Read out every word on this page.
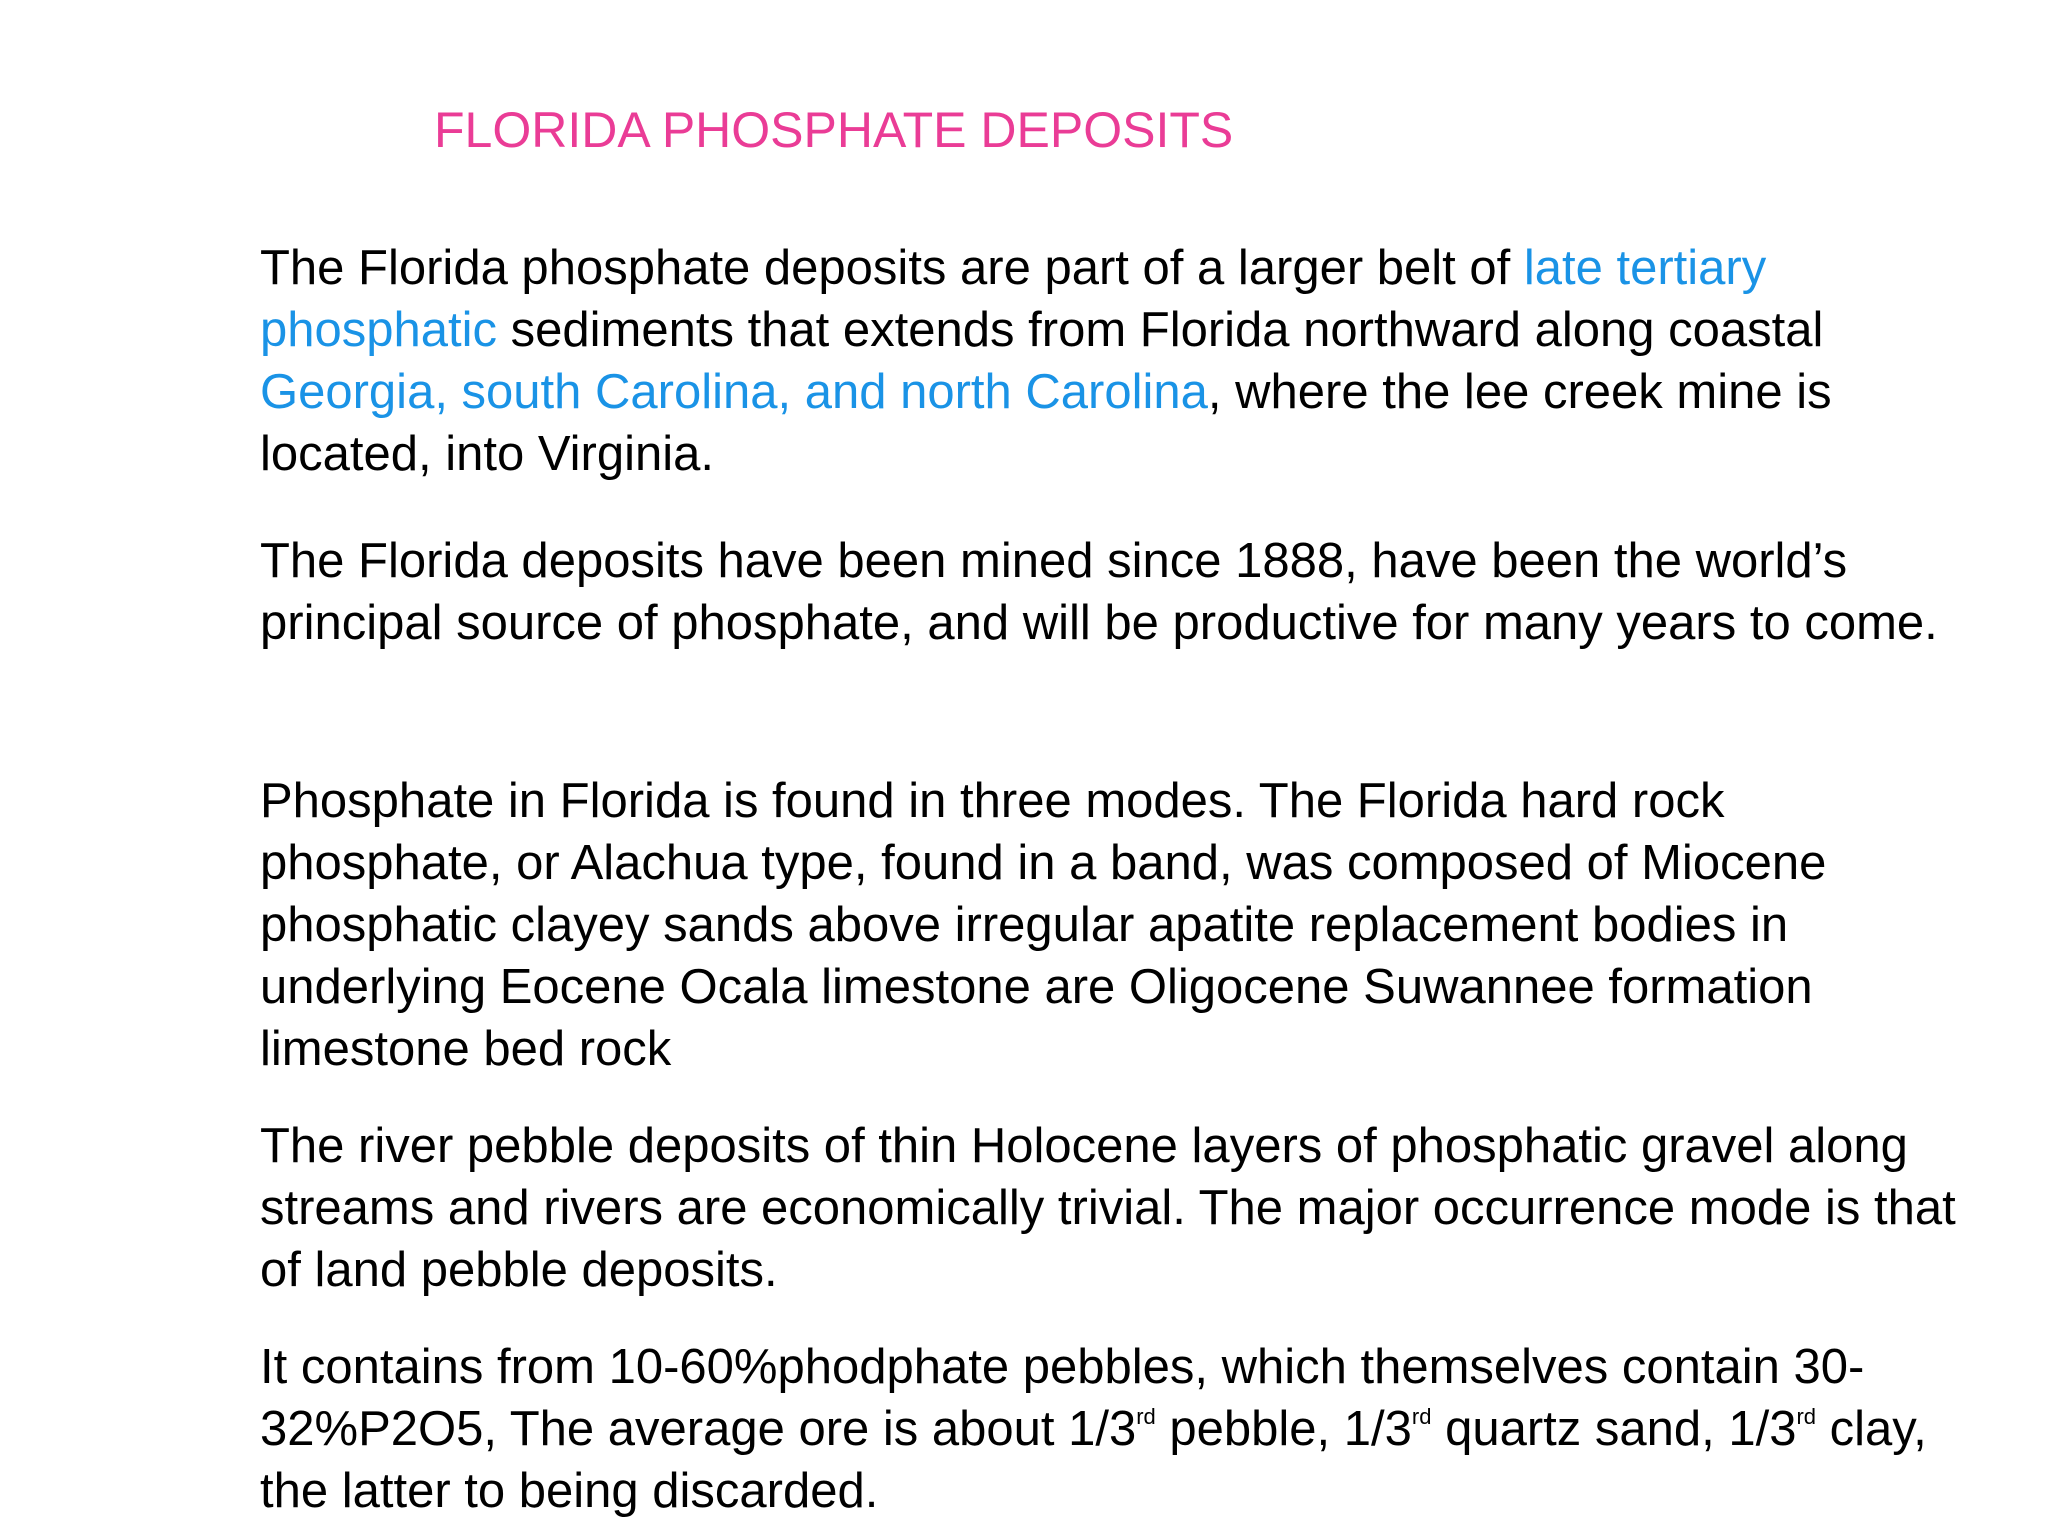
FLORIDA PHOSPHATE DEPOSITS

The Florida phosphate deposits are part of a larger belt of late tertiary phosphatic sediments that extends from Florida northward along coastal Georgia, south Carolina, and north Carolina, where the lee creek mine is located, into Virginia.

The Florida deposits have been mined since 1888, have been the world’s principal source of phosphate, and will be productive for many years to come.

Phosphate in Florida is found in three modes. The Florida hard rock phosphate, or Alachua type, found in a band, was composed of Miocene phosphatic clayey sands above irregular apatite replacement bodies in underlying Eocene Ocala limestone are Oligocene Suwannee formation limestone bed rock

The river pebble deposits of thin Holocene layers of phosphatic gravel along streams and rivers are economically trivial. The major occurrence mode is that of land pebble deposits.

It contains from 10-60%phodphate pebbles, which themselves contain 30-32%P2O5, The average ore is about 1/3rd pebble, 1/3rd quartz sand, 1/3rd clay, the latter to being discarded.
